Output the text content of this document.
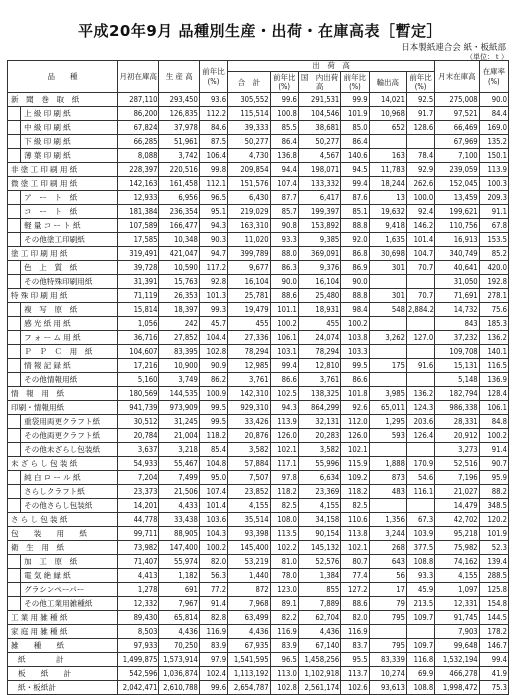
平成20年9月 品種別生産・出荷・在庫高表［暫定］
日本製紙連合会 紙・板紙部
（単位：ｔ）
品　　種		月初在庫高	生 産 高	前年比(%)	出　荷　高						月末在庫高	在庫率(%)
					合　計	前年比(%)	国　内出荷高	前年比(%)	輸出高	前年比(%)		
新　聞　巻　取　紙		287,110	293,450	93.6	305,552	99.6	291,531	99.9	14,021	92.5	275,008	90.0
	上 級 印 刷 紙	86,200	126,835	112.2	115,514	100.8	104,546	101.9	10,968	91.7	97,521	84.4
	中 級 印 刷 紙	67,824	37,978	84.6	39,333	85.5	38,681	85.0	652	128.6	66,469	169.0
	下 級 印 刷 紙	66,285	51,961	87.5	50,277	86.4	50,277	86.4			67,969	135.2
	薄 葉 印 刷 紙	8,088	3,742	106.4	4,730	136.8	4,567	140.6	163	78.4	7,100	150.1
非 塗 工 印 刷 用 紙		228,397	220,516	99.8	209,854	94.4	198,071	94.5	11,783	92.9	239,059	113.9
微 塗 工 印 刷 用 紙		142,163	161,458	112.1	151,576	107.4	133,332	99.4	18,244	262.6	152,045	100.3
	ア　ー　ト　紙	12,933	6,956	96.5	6,430	87.7	6,417	87.6	13	100.0	13,459	209.3
	コ　ー　ト　紙	181,384	236,354	95.1	219,029	85.7	199,397	85.1	19,632	92.4	199,621	91.1
	軽 量 コ ー ト 紙	107,589	166,477	94.3	163,310	90.8	153,892	88.8	9,418	146.2	110,756	67.8
	その他塗工印刷紙	17,585	10,348	90.3	11,020	93.3	9,385	92.0	1,635	101.4	16,913	153.5
塗 工 印 刷 用 紙		319,491	421,047	94.7	399,789	88.0	369,091	86.8	30,698	104.7	340,749	85.2
	色　上　質　紙	39,728	10,590	117.2	9,677	86.3	9,376	86.9	301	70.7	40,641	420.0
	その他特殊印刷用紙	31,391	15,763	92.8	16,104	90.0	16,104	90.0			31,050	192.8
特 殊 印 刷 用 紙		71,119	26,353	101.3	25,781	88.6	25,480	88.8	301	70.7	71,691	278.1
	複　写　原　紙	15,814	18,397	99.3	19,479	101.1	18,931	98.4	548	2,884.2	14,732	75.6
	感 光 紙 用 紙	1,056	242	45.7	455	100.2	455	100.2			843	185.3
	フ ォ ー ム 用 紙	36,716	27,852	104.4	27,336	106.1	24,074	103.8	3,262	127.0	37,232	136.2
	Ｐ　Ｐ　Ｃ　用　紙	104,607	83,395	102.8	78,294	103.1	78,294	103.3			109,708	140.1
	情 報 記 録 紙	17,216	10,900	90.9	12,985	99.4	12,810	99.5	175	91.6	15,131	116.5
	その他情報用紙	5,160	3,749	86.2	3,761	86.6	3,761	86.6			5,148	136.9
情　報　用　紙		180,569	144,535	100.9	142,310	102.5	138,325	101.8	3,985	136.2	182,794	128.4
印刷・情報用紙		941,739	973,909	99.5	929,310	94.3	864,299	92.6	65,011	124.3	986,338	106.1
	重袋用両更クラフト紙	30,512	31,245	99.5	33,426	113.9	32,131	112.0	1,295	203.6	28,331	84.8
	その他両更クラフト紙	20,784	21,004	118.2	20,876	126.0	20,283	126.0	593	126.4	20,912	100.2
	その他未ざらし包装紙	3,637	3,218	85.4	3,582	102.1	3,582	102.1			3,273	91.4
未 ざ ら し 包 装 紙		54,933	55,467	104.8	57,884	117.1	55,996	115.9	1,888	170.9	52,516	90.7
	純 白 ロ ー ル 紙	7,204	7,499	95.0	7,507	97.8	6,634	109.2	873	54.6	7,196	95.9
	さらしクラフト紙	23,373	21,506	107.4	23,852	118.2	23,369	118.2	483	116.1	21,027	88.2
	その他さらし包装紙	14,201	4,433	101.4	4,155	82.5	4,155	82.5			14,479	348.5
さ ら し 包 装 紙		44,778	33,438	103.6	35,514	108.0	34,158	110.6	1,356	67.3	42,702	120.2
包　　装　　用　　紙		99,711	88,905	104.3	93,398	113.5	90,154	113.8	3,244	103.9	95,218	101.9
衛　生　用　紙		73,982	147,400	100.2	145,400	102.2	145,132	102.1	268	377.5	75,982	52.3
	加　工　原　紙	71,407	55,974	82.0	53,219	81.0	52,576	80.7	643	108.8	74,162	139.4
	電 気 絶 縁 紙	4,413	1,182	56.3	1,440	78.0	1,384	77.4	56	93.3	4,155	288.5
	グラシンペーパー	1,278	691	77.2	872	123.0	855	127.2	17	45.9	1,097	125.8
	その他工業用雑種紙	12,332	7,967	91.4	7,968	89.1	7,889	88.6	79	213.5	12,331	154.8
工 業 用 雑 種 紙		89,430	65,814	82.8	63,499	82.2	62,704	82.0	795	109.7	91,745	144.5
家 庭 用 雑 種 紙		8,503	4,436	116.9	4,436	116.9	4,436	116.9			7,903	178.2
雑　　種　　紙		97,933	70,250	83.9	67,935	83.9	67,140	83.7	795	109.7	99,648	146.7
紙　　　　計		1,499,875	1,573,914	97.9	1,541,595	96.5	1,458,256	95.5	83,339	116.8	1,532,194	99.4
板　　紙　　計		542,596	1,036,874	102.4	1,113,192	113.0	1,102,918	113.7	10,274	69.9	466,278	41.9
紙・板紙計		2,042,471	2,610,788	99.6	2,654,787	102.8	2,561,174	102.6	93,613	108.8	1,998,472	75.3
